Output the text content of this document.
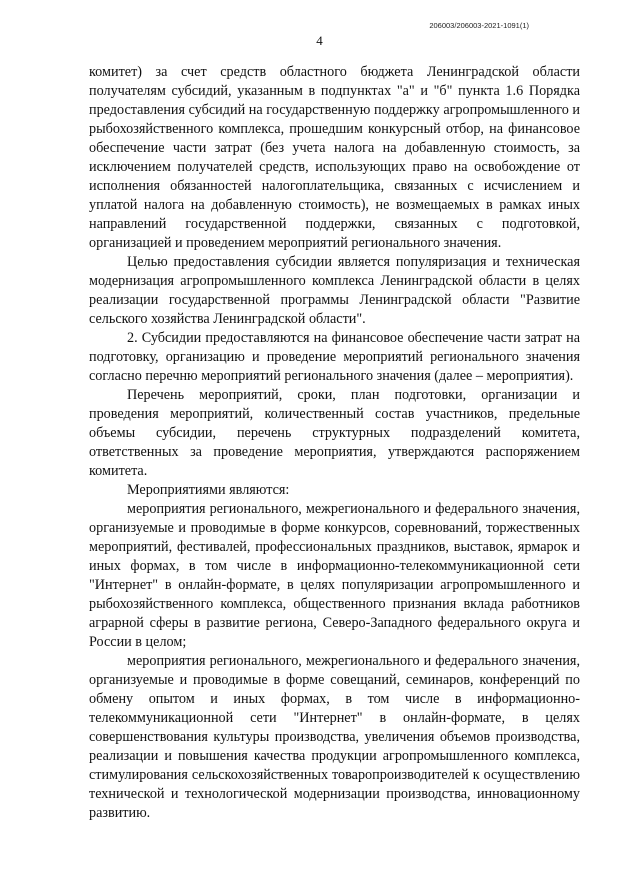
206003/206003-2021-1091(1)
4

комитет) за счет средств областного бюджета Ленинградской области получателям субсидий, указанным в подпунктах "а" и "б" пункта 1.6 Порядка предоставления субсидий на государственную поддержку агропромышленного и рыбохозяйственного комплекса, прошедшим конкурсный отбор, на финансовое обеспечение части затрат (без учета налога на добавленную стоимость, за исключением получателей средств, использующих право на освобождение от исполнения обязанностей налогоплательщика, связанных с исчислением и уплатой налога на добавленную стоимость), не возмещаемых в рамках иных направлений государственной поддержки, связанных с подготовкой, организацией и проведением мероприятий регионального значения.

Целью предоставления субсидии является популяризация и техническая модернизация агропромышленного комплекса Ленинградской области в целях реализации государственной программы Ленинградской области "Развитие сельского хозяйства Ленинградской области".

2. Субсидии предоставляются на финансовое обеспечение части затрат на подготовку, организацию и проведение мероприятий регионального значения согласно перечню мероприятий регионального значения (далее – мероприятия).

Перечень мероприятий, сроки, план подготовки, организации и проведения мероприятий, количественный состав участников, предельные объемы субсидии, перечень структурных подразделений комитета, ответственных за проведение мероприятия, утверждаются распоряжением комитета.

Мероприятиями являются:

мероприятия регионального, межрегионального и федерального значения, организуемые и проводимые в форме конкурсов, соревнований, торжественных мероприятий, фестивалей, профессиональных праздников, выставок, ярмарок и иных формах, в том числе в информационно-телекоммуникационной сети "Интернет" в онлайн-формате, в целях популяризации агропромышленного и рыбохозяйственного комплекса, общественного признания вклада работников аграрной сферы в развитие региона, Северо-Западного федерального округа и России в целом;

мероприятия регионального, межрегионального и федерального значения, организуемые и проводимые в форме совещаний, семинаров, конференций по обмену опытом и иных формах, в том числе в информационно-телекоммуникационной сети "Интернет" в онлайн-формате, в целях совершенствования культуры производства, увеличения объемов производства, реализации и повышения качества продукции агропромышленного комплекса, стимулирования сельскохозяйственных товаропроизводителей к осуществлению технической и технологической модернизации производства, инновационному развитию.
